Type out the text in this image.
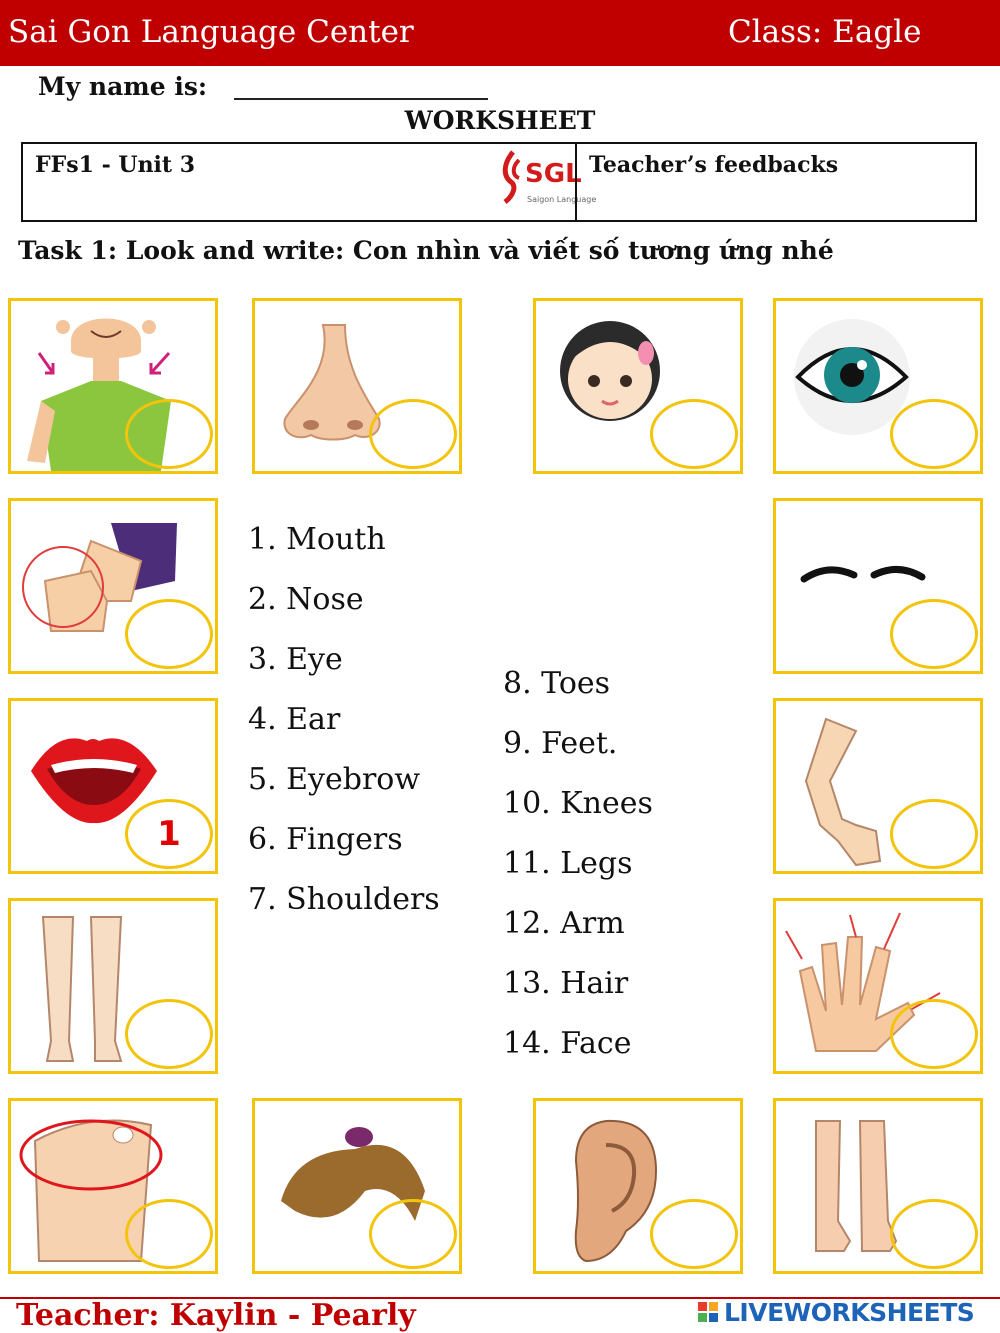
Sai Gon Language Center	Class: Eagle
My name is:
WORKSHEET
FFs1 - Unit 3	SGL
Saigon Language
Teacher’s feedbacks
Task 1: Look and write: Con nhìn và viết số tương ứng nhé
1
1. Mouth
2. Nose
3. Eye
4. Ear
5. Eyebrow
6. Fingers
7. Shoulders
8. Toes
9. Feet.
10. Knees
11. Legs
12. Arm
13. Hair
14. Face
Teacher: Kaylin - Pearly	LIVEWORKSHEETS
